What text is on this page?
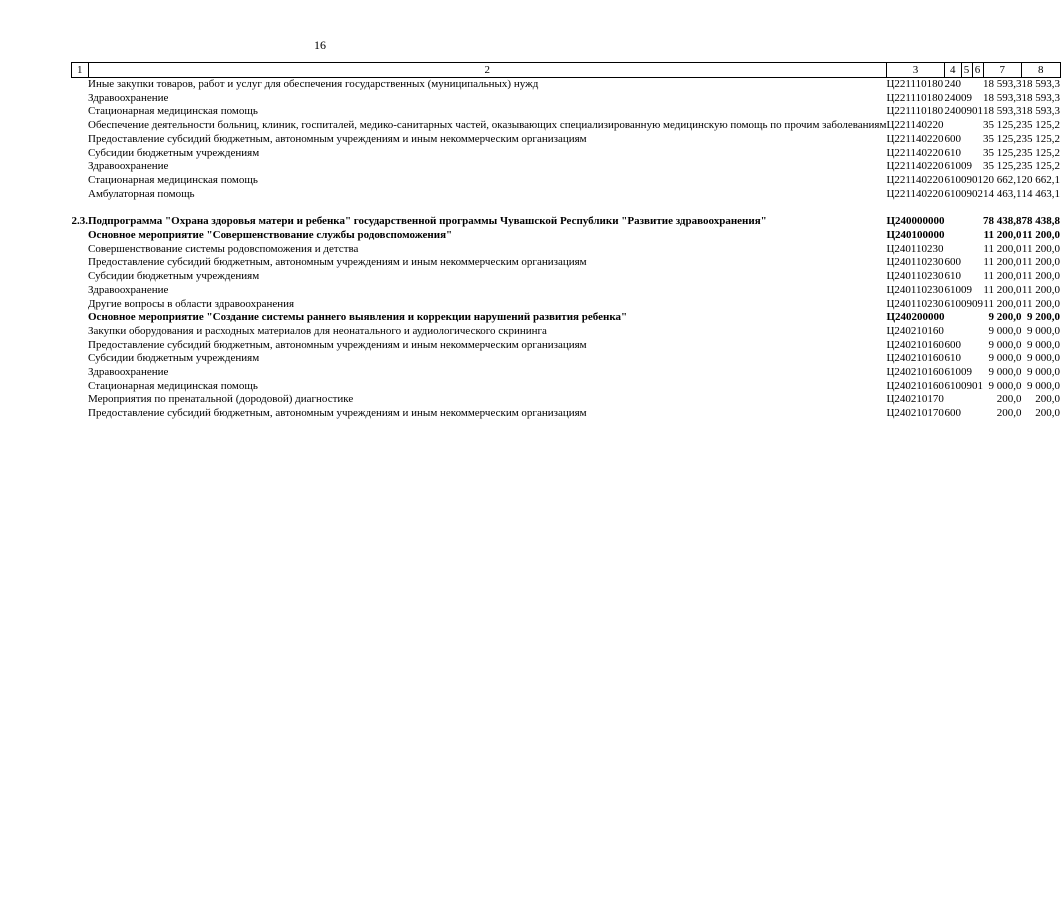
16
1	2	3	4	5	6	7	8
	Иные закупки товаров, работ и услуг для обеспечения государственных (муниципальных) нужд	Ц221110180	240			18 593,3	18 593,3
	Здравоохранение	Ц221110180	240	09		18 593,3	18 593,3
	Стационарная медицинская помощь	Ц221110180	240	09	01	18 593,3	18 593,3
	Обеспечение деятельности больниц, клиник, госпиталей, медико-санитарных частей, оказывающих специализированную медицинскую помощь по прочим заболеваниям	Ц221140220				35 125,2	35 125,2
	Предоставление субсидий бюджетным, автономным учреждениям и иным некоммерческим организациям	Ц221140220	600			35 125,2	35 125,2
	Субсидии бюджетным учреждениям	Ц221140220	610			35 125,2	35 125,2
	Здравоохранение	Ц221140220	610	09		35 125,2	35 125,2
	Стационарная медицинская помощь	Ц221140220	610	09	01	20 662,1	20 662,1
	Амбулаторная помощь	Ц221140220	610	09	02	14 463,1	14 463,1

2.3.	Подпрограмма "Охрана здоровья матери и ребенка" государственной программы Чувашской Республики "Развитие здравоохранения"	Ц240000000				78 438,8	78 438,8
	Основное мероприятие "Совершенствование службы родовспоможения"	Ц240100000				11 200,0	11 200,0
	Совершенствование системы родовспоможения и детства	Ц240110230				11 200,0	11 200,0
	Предоставление субсидий бюджетным, автономным учреждениям и иным некоммерческим организациям	Ц240110230	600			11 200,0	11 200,0
	Субсидии бюджетным учреждениям	Ц240110230	610			11 200,0	11 200,0
	Здравоохранение	Ц240110230	610	09		11 200,0	11 200,0
	Другие вопросы в области здравоохранения	Ц240110230	610	09	09	11 200,0	11 200,0
	Основное мероприятие "Создание системы раннего выявления и коррекции нарушений развития ребенка"	Ц240200000				9 200,0	9 200,0
	Закупки оборудования и расходных материалов для неонатального и аудиологического скрининга	Ц240210160				9 000,0	9 000,0
	Предоставление субсидий бюджетным, автономным учреждениям и иным некоммерческим организациям	Ц240210160	600			9 000,0	9 000,0
	Субсидии бюджетным учреждениям	Ц240210160	610			9 000,0	9 000,0
	Здравоохранение	Ц240210160	610	09		9 000,0	9 000,0
	Стационарная медицинская помощь	Ц240210160	610	09	01	9 000,0	9 000,0
	Мероприятия по пренатальной (дородовой) диагностике	Ц240210170				200,0	200,0
	Предоставление субсидий бюджетным, автономным учреждениям и иным некоммерческим организациям	Ц240210170	600			200,0	200,0
